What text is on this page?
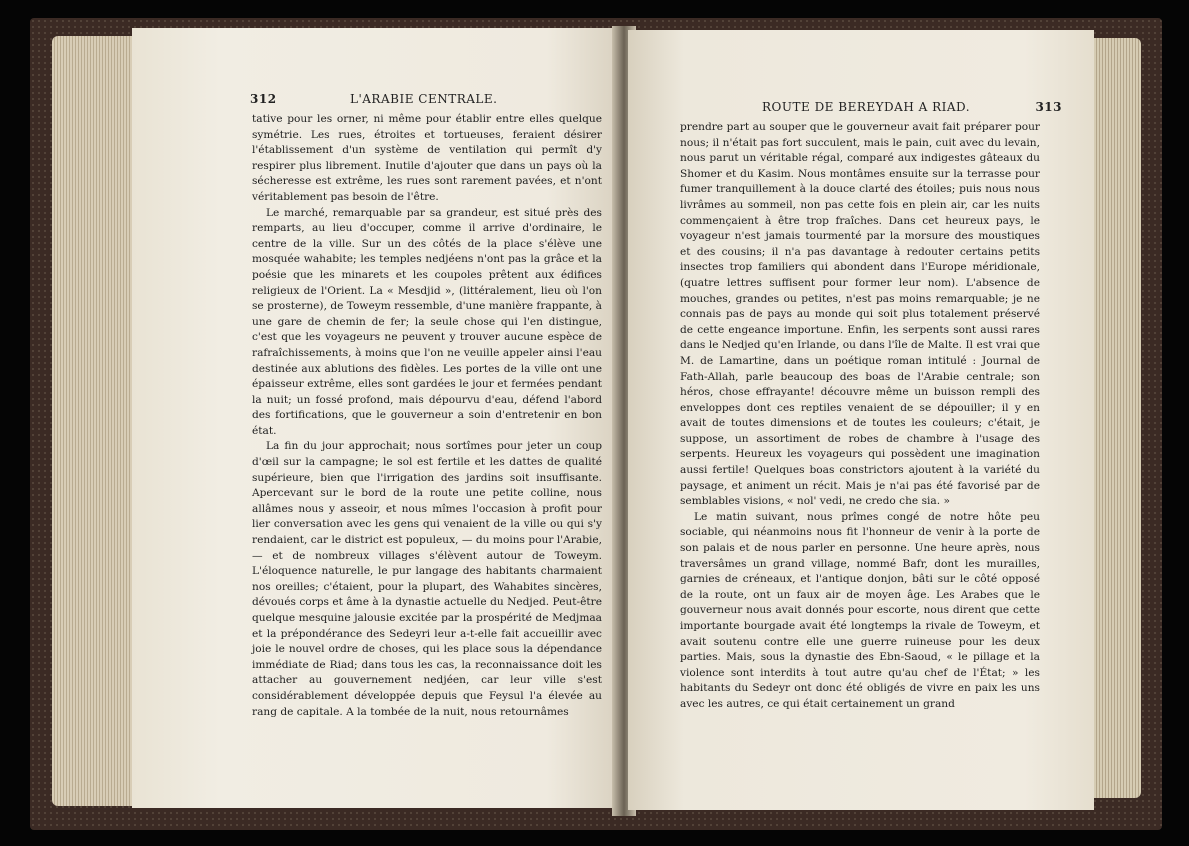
312	L'ARABIE CENTRALE.

tative pour les orner, ni même pour établir entre elles quelque symétrie. Les rues, étroites et tortueuses, feraient désirer l'établissement d'un système de ventilation qui permît d'y respirer plus librement. Inutile d'ajouter que dans un pays où la sécheresse est extrême, les rues sont rarement pavées, et n'ont véritablement pas besoin de l'être.

Le marché, remarquable par sa grandeur, est situé près des remparts, au lieu d'occuper, comme il arrive d'ordinaire, le centre de la ville. Sur un des côtés de la place s'élève une mosquée wahabite; les temples nedjéens n'ont pas la grâce et la poésie que les minarets et les coupoles prêtent aux édifices religieux de l'Orient. La « Mesdjid », (littéralement, lieu où l'on se prosterne), de Toweym ressemble, d'une manière frappante, à une gare de chemin de fer; la seule chose qui l'en distingue, c'est que les voyageurs ne peuvent y trouver aucune espèce de rafraîchissements, à moins que l'on ne veuille appeler ainsi l'eau destinée aux ablutions des fidèles. Les portes de la ville ont une épaisseur extrême, elles sont gardées le jour et fermées pendant la nuit; un fossé profond, mais dépourvu d'eau, défend l'abord des fortifications, que le gouverneur a soin d'entretenir en bon état.

La fin du jour approchait; nous sortîmes pour jeter un coup d'œil sur la campagne; le sol est fertile et les dattes de qualité supérieure, bien que l'irrigation des jardins soit insuffisante. Apercevant sur le bord de la route une petite colline, nous allâmes nous y asseoir, et nous mîmes l'occasion à profit pour lier conversation avec les gens qui venaient de la ville ou qui s'y rendaient, car le district est populeux, — du moins pour l'Arabie, — et de nombreux villages s'élèvent autour de Toweym. L'éloquence naturelle, le pur langage des habitants charmaient nos oreilles; c'étaient, pour la plupart, des Wahabites sincères, dévoués corps et âme à la dynastie actuelle du Nedjed. Peut-être quelque mesquine jalousie excitée par la prospérité de Medjmaa et la prépondérance des Sedeyri leur a-t-elle fait accueillir avec joie le nouvel ordre de choses, qui les place sous la dépendance immédiate de Riad; dans tous les cas, la reconnaissance doit les attacher au gouvernement nedjéen, car leur ville s'est considérablement développée depuis que Feysul l'a élevée au rang de capitale. A la tombée de la nuit, nous retournâmes

ROUTE DE BEREYDAH A RIAD.	313

prendre part au souper que le gouverneur avait fait préparer pour nous; il n'était pas fort succulent, mais le pain, cuit avec du levain, nous parut un véritable régal, comparé aux indigestes gâteaux du Shomer et du Kasim. Nous montâmes ensuite sur la terrasse pour fumer tranquillement à la douce clarté des étoiles; puis nous nous livrâmes au sommeil, non pas cette fois en plein air, car les nuits commençaient à être trop fraîches. Dans cet heureux pays, le voyageur n'est jamais tourmenté par la morsure des moustiques et des cousins; il n'a pas davantage à redouter certains petits insectes trop familiers qui abondent dans l'Europe méridionale, (quatre lettres suffisent pour former leur nom). L'absence de mouches, grandes ou petites, n'est pas moins remarquable; je ne connais pas de pays au monde qui soit plus totalement préservé de cette engeance importune. Enfin, les serpents sont aussi rares dans le Nedjed qu'en Irlande, ou dans l'île de Malte. Il est vrai que M. de Lamartine, dans un poétique roman intitulé : Journal de Fath-Allah, parle beaucoup des boas de l'Arabie centrale; son héros, chose effrayante! découvre même un buisson rempli des enveloppes dont ces reptiles venaient de se dépouiller; il y en avait de toutes dimensions et de toutes les couleurs; c'était, je suppose, un assortiment de robes de chambre à l'usage des serpents. Heureux les voyageurs qui possèdent une imagination aussi fertile! Quelques boas constrictors ajoutent à la variété du paysage, et animent un récit. Mais je n'ai pas été favorisé par de semblables visions, « nol' vedi, ne credo che sia. »

Le matin suivant, nous prîmes congé de notre hôte peu sociable, qui néanmoins nous fit l'honneur de venir à la porte de son palais et de nous parler en personne. Une heure après, nous traversâmes un grand village, nommé Bafr, dont les murailles, garnies de créneaux, et l'antique donjon, bâti sur le côté opposé de la route, ont un faux air de moyen âge. Les Arabes que le gouverneur nous avait donnés pour escorte, nous dirent que cette importante bourgade avait été longtemps la rivale de Toweym, et avait soutenu contre elle une guerre ruineuse pour les deux parties. Mais, sous la dynastie des Ebn-Saoud, « le pillage et la violence sont interdits à tout autre qu'au chef de l'État; » les habitants du Sedeyr ont donc été obligés de vivre en paix les uns avec les autres, ce qui était certainement un grand
